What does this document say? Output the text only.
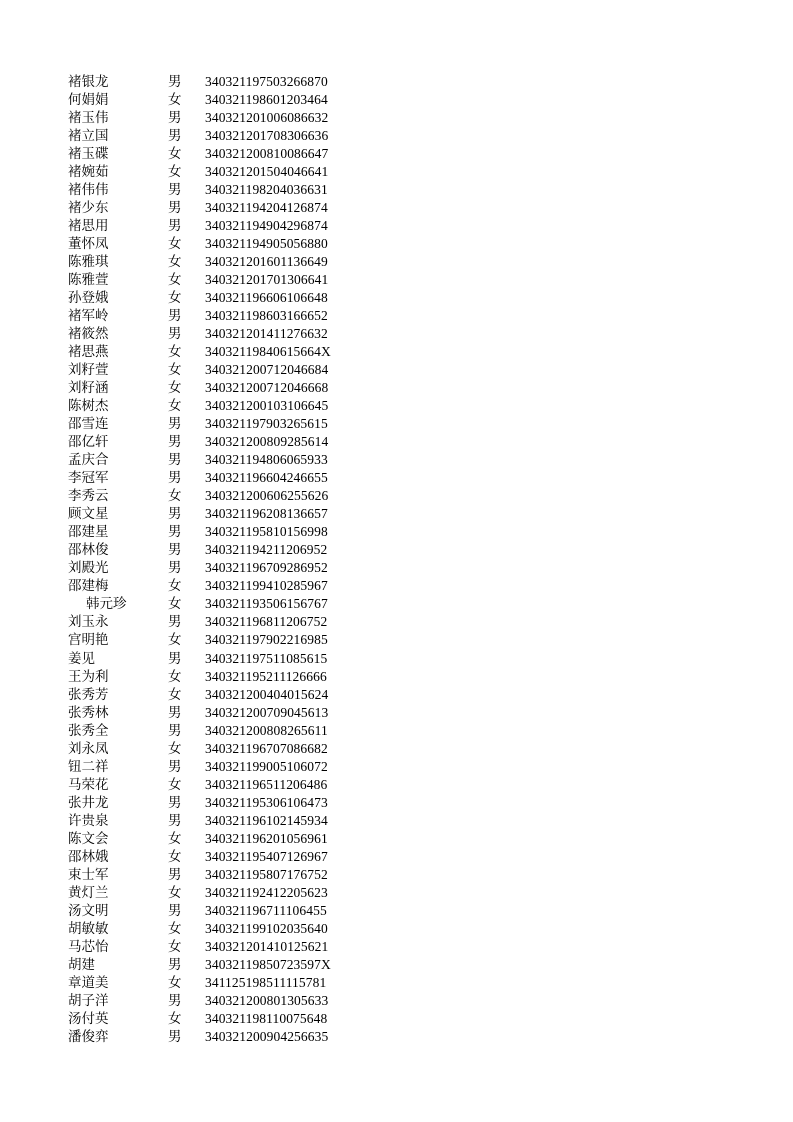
褚银龙	男 340321197503266870
何娟娟	女 340321198601203464
褚玉伟	男 340321201006086632
褚立国	男 340321201708306636
褚玉碟	女 340321200810086647
褚婉茹	女 340321201504046641
褚伟伟	男 340321198204036631
褚少东	男 340321194204126874
褚思用	男 340321194904296874
董怀凤	女 340321194905056880
陈雅琪	女 340321201601136649
陈雅萱	女 340321201701306641
孙登娥	女 340321196606106648
褚军岭	男 340321198603166652
褚筱然	男 340321201411276632
褚思燕	女 34032119840615664X
刘籽萱	女 340321200712046684
刘籽涵	女 340321200712046668
陈树杰	女 340321200103106645
邵雪连	男 340321197903265615
邵亿轩	男 340321200809285614
孟庆合	男 340321194806065933
李冠军	男 340321196604246655
李秀云	女 340321200606255626
顾文星	男 340321196208136657
邵建星	男 340321195810156998
邵林俊	男 340321194211206952
刘殿光	男 340321196709286952
邵建梅	女 340321199410285967
韩元珍	女 340321193506156767
刘玉永	男 340321196811206752
宫明艳	女 340321197902216985
姜见	男 340321197511085615
王为利	女 340321195211126666
张秀芳	女 340321200404015624
张秀林	男 340321200709045613
张秀全	男 340321200808265611
刘永凤	女 340321196707086682
钮二祥	男 340321199005106072
马荣花	女 340321196511206486
张井龙	男 340321195306106473
许贵泉	男 340321196102145934
陈文会	女 340321196201056961
邵林娥	女 340321195407126967
束士军	男 340321195807176752
黄灯兰	女 340321192412205623
汤文明	男 340321196711106455
胡敏敏	女 340321199102035640
马芯怡	女 340321201410125621
胡建	男 34032119850723597X
章道美	女 341125198511115781
胡子洋	男 340321200801305633
汤付英	女 340321198110075648
潘俊弈	男 340321200904256635
